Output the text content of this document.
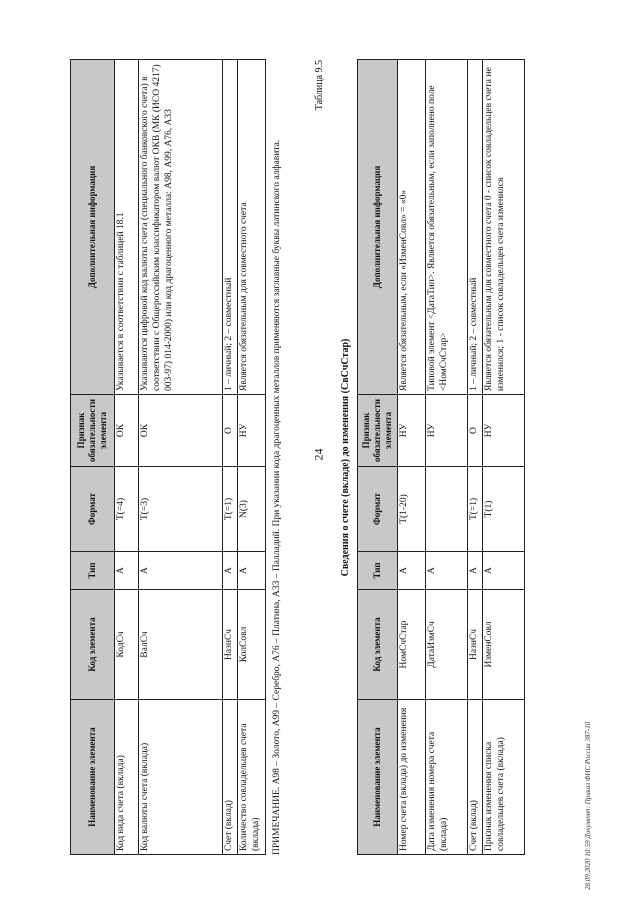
24
Наименование элемента	Код элемента	Тип	Формат	Признак обязательности элемента	Дополнительная информация
Код вида счета (вклада)	КодСч	А	T(=4)	ОК	Указывается в соответствии с таблицей 18.1
Код валюты счета (вклада)	ВалСч	А	T(=3)	ОК	Указываются цифровой код валюты счета (специального банковского счета) в соответствии с Общероссийским классификатором валют ОКВ (МК (ИСО 4217) 003-97) 014-2000) или код драгоценного металла: А98, А99, А76, А33
Счет (вклад)	НазнСч	А	T(=1)	О	1 – личный; 2 – совместный
Количество совладельцев счета (вклада)	КолСовл	А	N(3)	НУ	Является обязательным для совместного счета ПРИМЕЧАНИЕ. А98 – Золото, А99 – Серебро, А76 – Платина, А33 – Палладий. При указании кода драгоценных металлов применяются заглавные буквы латинского алфавита.
Таблица 9.5
Сведения о счете (вкладе) до изменения (СвСчСтар)
Наименование элемента	Код элемента	Тип	Формат	Признак обязательности элемента	Дополнительная информация
Номер счета (вклада) до изменения	НомСчСтар	А	T(1-20)	НУ	Является обязательным, если «ИзменСовл» = «0»
Дата изменения номера счета (вклада)	ДатаИзмСч	А		НУ	Типовой элемент <ДатаТип>. Является обязательным, если заполнено поле <НомСчСтар>
Счет (вклад)	НазнСч	А	T(=1)	О	1 – личный; 2 – совместный
Признак изменения списка совладельцев счета (вклада)	ИзменСовл	А	T(1)	НУ	Является обязательным для совместного счета 0 - список совладельцев счета не изменился; 1 - список совладельцев счета изменился
28.09.2020 10:59 Документ: Приказ ФНС России 387-10
